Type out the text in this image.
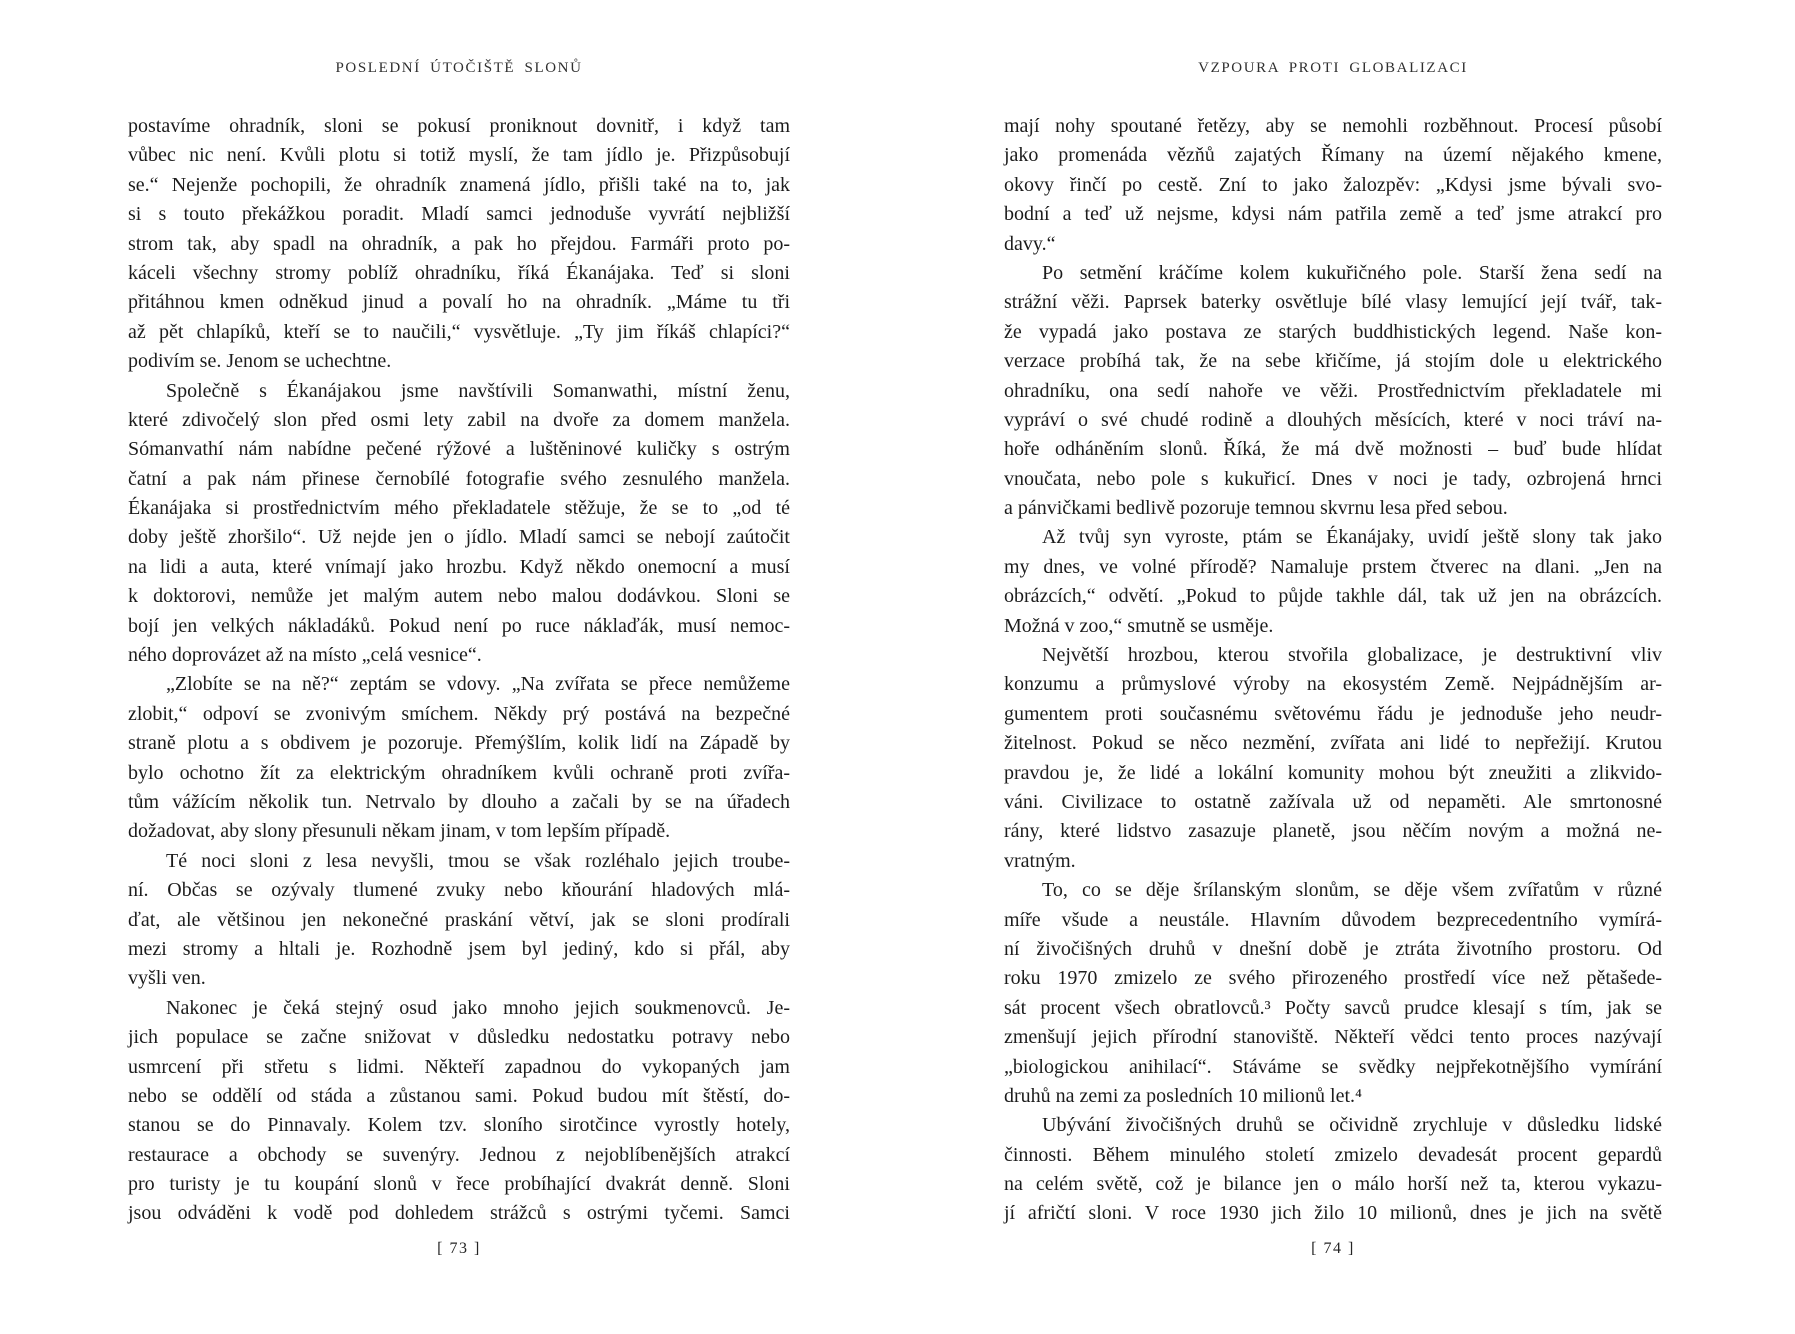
POSLEDNÍ ÚTOČIŠTĚ SLONŮ
postavíme ohradník, sloni se pokusí proniknout dovnitř, i když tam
vůbec nic není. Kvůli plotu si totiž myslí, že tam jídlo je. Přizpůsobují
se.“ Nejenže pochopili, že ohradník znamená jídlo, přišli také na to, jak
si s touto překážkou poradit. Mladí samci jednoduše vyvrátí nejbližší
strom tak, aby spadl na ohradník, a pak ho přejdou. Farmáři proto po-
káceli všechny stromy poblíž ohradníku, říká Ékanájaka. Teď si sloni
přitáhnou kmen odněkud jinud a povalí ho na ohradník. „Máme tu tři
až pět chlapíků, kteří se to naučili,“ vysvětluje. „Ty jim říkáš chlapíci?“
podivím se. Jenom se uchechtne.
Společně s Ékanájakou jsme navštívili Somanwathi, místní ženu,
které zdivočelý slon před osmi lety zabil na dvoře za domem manžela.
Sómanvathí nám nabídne pečené rýžové a luštěninové kuličky s ostrým
čatní a pak nám přinese černobílé fotografie svého zesnulého manžela.
Ékanájaka si prostřednictvím mého překladatele stěžuje, že se to „od té
doby ještě zhoršilo“. Už nejde jen o jídlo. Mladí samci se nebojí zaútočit
na lidi a auta, které vnímají jako hrozbu. Když někdo onemocní a musí
k doktorovi, nemůže jet malým autem nebo malou dodávkou. Sloni se
bojí jen velkých nákladáků. Pokud není po ruce náklaďák, musí nemoc-
ného doprovázet až na místo „celá vesnice“.
„Zlobíte se na ně?“ zeptám se vdovy. „Na zvířata se přece nemůžeme
zlobit,“ odpoví se zvonivým smíchem. Někdy prý postává na bezpečné
straně plotu a s obdivem je pozoruje. Přemýšlím, kolik lidí na Západě by
bylo ochotno žít za elektrickým ohradníkem kvůli ochraně proti zvířa-
tům vážícím několik tun. Netrvalo by dlouho a začali by se na úřadech
dožadovat, aby slony přesunuli někam jinam, v tom lepším případě.
Té noci sloni z lesa nevyšli, tmou se však rozléhalo jejich troube-
ní. Občas se ozývaly tlumené zvuky nebo kňourání hladových mlá-
ďat, ale většinou jen nekonečné praskání větví, jak se sloni prodírali
mezi stromy a hltali je. Rozhodně jsem byl jediný, kdo si přál, aby
vyšli ven.
Nakonec je čeká stejný osud jako mnoho jejich soukmenovců. Je-
jich populace se začne snižovat v důsledku nedostatku potravy nebo
usmrcení při střetu s lidmi. Někteří zapadnou do vykopaných jam
nebo se oddělí od stáda a zůstanou sami. Pokud budou mít štěstí, do-
stanou se do Pinnavaly. Kolem tzv. sloního sirotčince vyrostly hotely,
restaurace a obchody se suvenýry. Jednou z nejoblíbenějších atrakcí
pro turisty je tu koupání slonů v řece probíhající dvakrát denně. Sloni
jsou odváděni k vodě pod dohledem strážců s ostrými tyčemi. Samci
[ 73 ]
VZPOURA PROTI GLOBALIZACI
mají nohy spoutané řetězy, aby se nemohli rozběhnout. Procesí působí
jako promenáda vězňů zajatých Římany na území nějakého kmene,
okovy řinčí po cestě. Zní to jako žalozpěv: „Kdysi jsme bývali svo-
bodní a teď už nejsme, kdysi nám patřila země a teď jsme atrakcí pro
davy.“
Po setmění kráčíme kolem kukuřičného pole. Starší žena sedí na
strážní věži. Paprsek baterky osvětluje bílé vlasy lemující její tvář, tak-
že vypadá jako postava ze starých buddhistických legend. Naše kon-
verzace probíhá tak, že na sebe křičíme, já stojím dole u elektrického
ohradníku, ona sedí nahoře ve věži. Prostřednictvím překladatele mi
vypráví o své chudé rodině a dlouhých měsících, které v noci tráví na-
hoře odháněním slonů. Říká, že má dvě možnosti – buď bude hlídat
vnoučata, nebo pole s kukuřicí. Dnes v noci je tady, ozbrojená hrnci
a pánvičkami bedlivě pozoruje temnou skvrnu lesa před sebou.
Až tvůj syn vyroste, ptám se Ékanájaky, uvidí ještě slony tak jako
my dnes, ve volné přírodě? Namaluje prstem čtverec na dlani. „Jen na
obrázcích,“ odvětí. „Pokud to půjde takhle dál, tak už jen na obrázcích.
Možná v zoo,“ smutně se usměje.
Největší hrozbou, kterou stvořila globalizace, je destruktivní vliv
konzumu a průmyslové výroby na ekosystém Země. Nejpádnějším ar-
gumentem proti současnému světovému řádu je jednoduše jeho neudr-
žitelnost. Pokud se něco nezmění, zvířata ani lidé to nepřežijí. Krutou
pravdou je, že lidé a lokální komunity mohou být zneužiti a zlikvido-
váni. Civilizace to ostatně zažívala už od nepaměti. Ale smrtonosné
rány, které lidstvo zasazuje planetě, jsou něčím novým a možná ne-
vratným.
To, co se děje šrílanským slonům, se děje všem zvířatům v různé
míře všude a neustále. Hlavním důvodem bezprecedentního vymírá-
ní živočišných druhů v dnešní době je ztráta životního prostoru. Od
roku 1970 zmizelo ze svého přirozeného prostředí více než pětašede-
sát procent všech obratlovců.³ Počty savců prudce klesají s tím, jak se
zmenšují jejich přírodní stanoviště. Někteří vědci tento proces nazývají
„biologickou anihilací“. Stáváme se svědky nejpřekotnějšího vymírání
druhů na zemi za posledních 10 milionů let.⁴
Ubývání živočišných druhů se očividně zrychluje v důsledku lidské
činnosti. Během minulého století zmizelo devadesát procent gepardů
na celém světě, což je bilance jen o málo horší než ta, kterou vykazu-
jí afričtí sloni. V roce 1930 jich žilo 10 milionů, dnes je jich na světě
[ 74 ]
